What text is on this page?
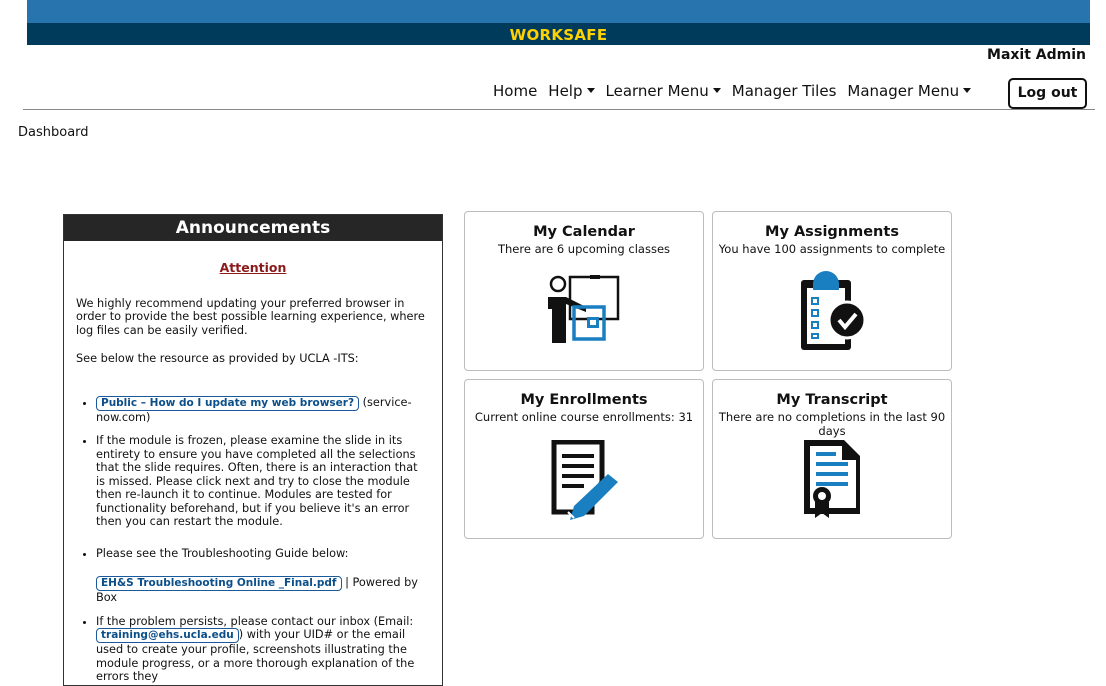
WORKSAFE
Maxit Admin
Home Help	Learner Menu	Manager Tiles Manager Menu	Log out
Dashboard
Announcements
Attention

We highly recommend updating your preferred browser in order to provide the best possible learning experience, where log files can be easily verified.

See below the resource as provided by UCLA -ITS:

• Public – How do I update my web browser? (service-now.com)
• If the module is frozen, please examine the slide in its entirety to ensure you have completed all the selections that the slide requires. Often, there is an interaction that is missed. Please click next and try to close the module then re-launch it to continue. Modules are tested for functionality beforehand, but if you believe it's an error then you can restart the module.
• Please see the Troubleshooting Guide below:
EH&S Troubleshooting Online _Final.pdf | Powered by Box
• If the problem persists, please contact our inbox (Email: training@ehs.ucla.edu ) with your UID# or the email used to create your profile, screenshots illustrating the module progress, or a more thorough explanation of the errors they
My Calendar
There are 6 upcoming classes
My Assignments
You have 100 assignments to complete
My Enrollments
Current online course enrollments: 31
My Transcript
There are no completions in the last 90 days
